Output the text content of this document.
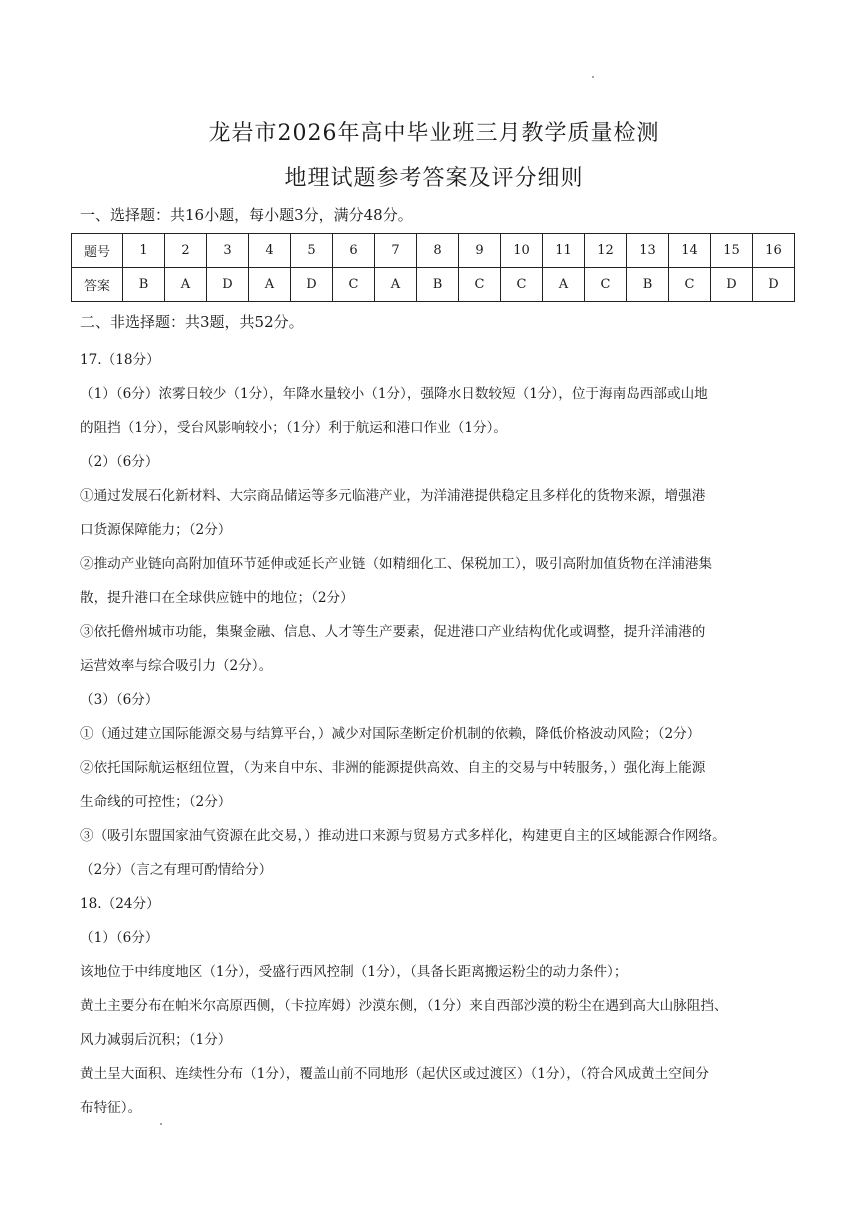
龙岩市2026年高中毕业班三月教学质量检测
地理试题参考答案及评分细则
一、选择题：共16小题，每小题3分，满分48分。
题号	1	2	3	4	5	6	7	8	9	10	11	12	13	14	15	16
答案	B	A	D	A	D	C	A	B	C	C	A	C	B	C	D	D
二、非选择题：共3题，共52分。

17.（18分）

（1）（6分）浓雾日较少（1分），年降水量较小（1分），强降水日数较短（1分），位于海南岛西部或山地

的阻挡（1分），受台风影响较小；（1分）利于航运和港口作业（1分）。

（2）（6分）

①通过发展石化新材料、大宗商品储运等多元临港产业，为洋浦港提供稳定且多样化的货物来源，增强港

口货源保障能力；（2分）

②推动产业链向高附加值环节延伸或延长产业链（如精细化工、保税加工），吸引高附加值货物在洋浦港集

散，提升港口在全球供应链中的地位；（2分）

③依托儋州城市功能，集聚金融、信息、人才等生产要素，促进港口产业结构优化或调整，提升洋浦港的

运营效率与综合吸引力（2分）。

（3）（6分）

①（通过建立国际能源交易与结算平台，）减少对国际垄断定价机制的依赖，降低价格波动风险；（2分）

②依托国际航运枢纽位置，（为来自中东、非洲的能源提供高效、自主的交易与中转服务，）强化海上能源

生命线的可控性；（2分）

③（吸引东盟国家油气资源在此交易，）推动进口来源与贸易方式多样化，构建更自主的区域能源合作网络。

（2分）（言之有理可酌情给分）

18.（24分）

（1）（6分）

该地位于中纬度地区（1分），受盛行西风控制（1分），（具备长距离搬运粉尘的动力条件）；

黄土主要分布在帕米尔高原西侧，（卡拉库姆）沙漠东侧，（1分）来自西部沙漠的粉尘在遇到高大山脉阻挡、

风力减弱后沉积；（1分）

黄土呈大面积、连续性分布（1分），覆盖山前不同地形（起伏区或过渡区）（1分），（符合风成黄土空间分

布特征）。
